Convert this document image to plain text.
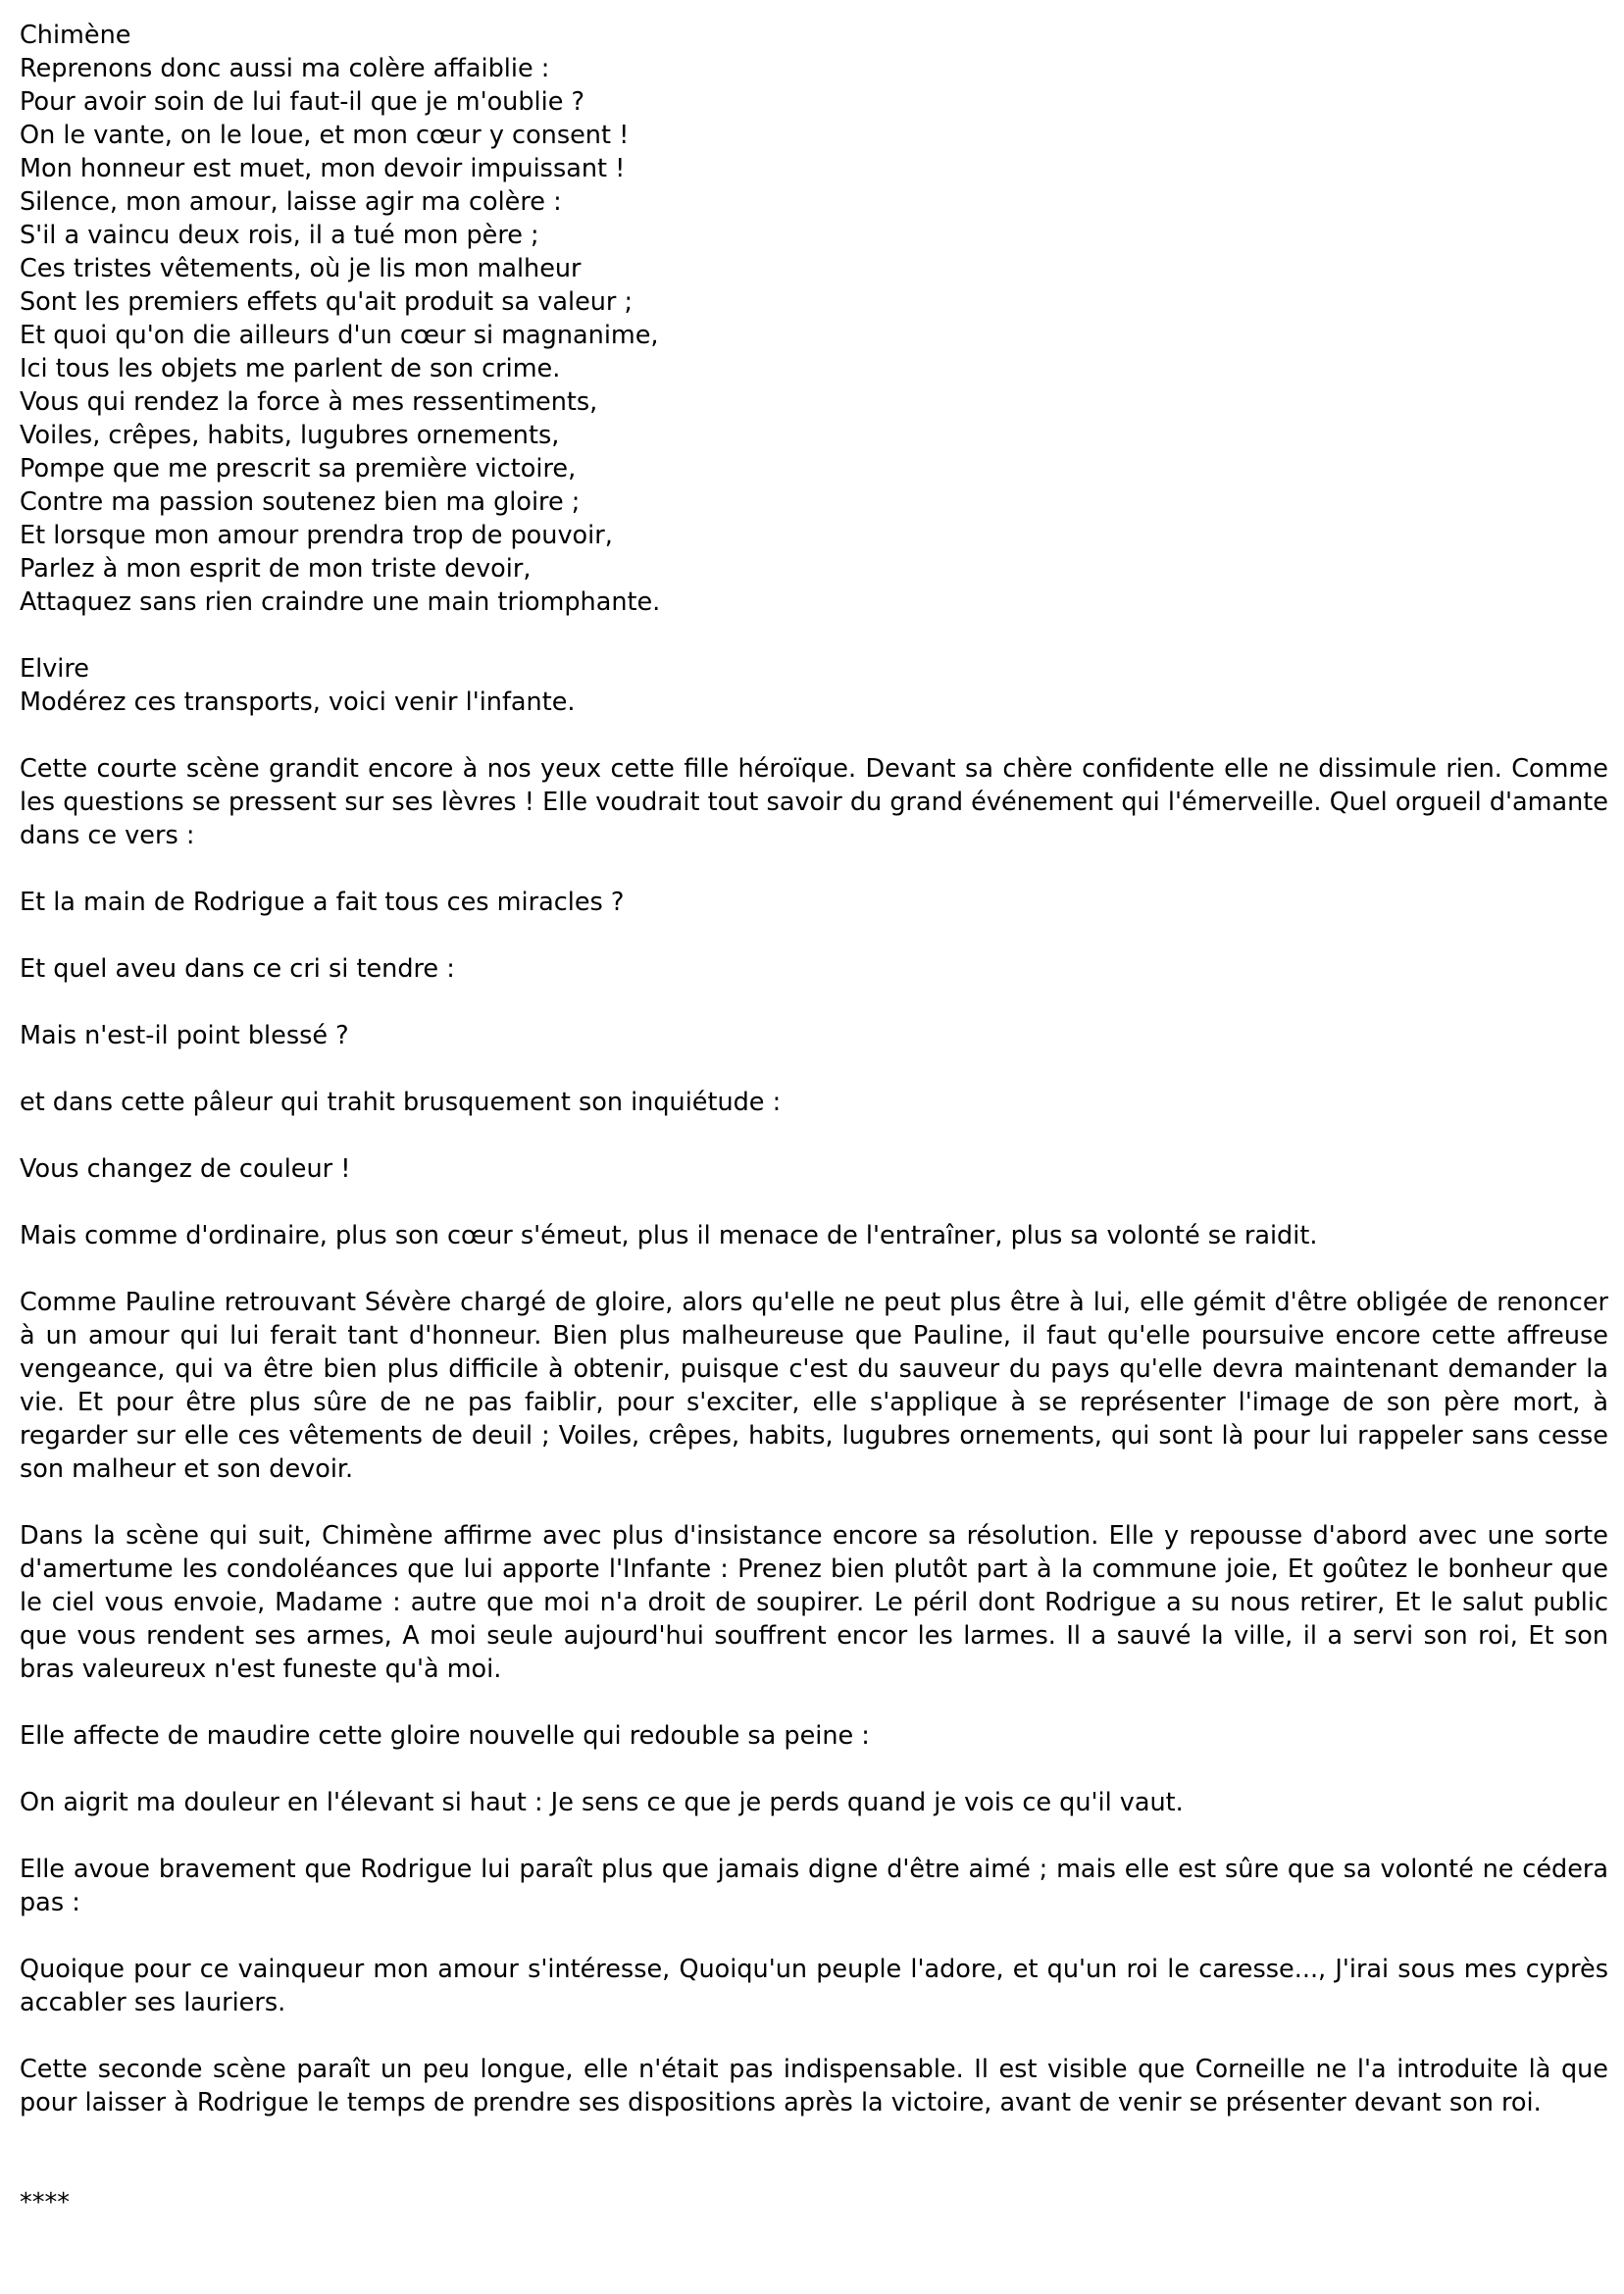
Chimène
Reprenons donc aussi ma colère affaiblie :
Pour avoir soin de lui faut-il que je m'oublie ?
On le vante, on le loue, et mon cœur y consent !
Mon honneur est muet, mon devoir impuissant !
Silence, mon amour, laisse agir ma colère :
S'il a vaincu deux rois, il a tué mon père ;
Ces tristes vêtements, où je lis mon malheur
Sont les premiers effets qu'ait produit sa valeur ;
Et quoi qu'on die ailleurs d'un cœur si magnanime,
Ici tous les objets me parlent de son crime.
Vous qui rendez la force à mes ressentiments,
Voiles, crêpes, habits, lugubres ornements,
Pompe que me prescrit sa première victoire,
Contre ma passion soutenez bien ma gloire ;
Et lorsque mon amour prendra trop de pouvoir,
Parlez à mon esprit de mon triste devoir,
Attaquez sans rien craindre une main triomphante.
Elvire
Modérez ces transports, voici venir l'infante.

Cette courte scène grandit encore à nos yeux cette fille héroïque. Devant sa chère confidente elle ne dissimule rien. Comme les questions se pressent sur ses lèvres ! Elle voudrait tout savoir du grand événement qui l'émerveille. Quel orgueil d'amante dans ce vers :

Et la main de Rodrigue a fait tous ces miracles ?

Et quel aveu dans ce cri si tendre :

Mais n'est-il point blessé ?

et dans cette pâleur qui trahit brusquement son inquiétude :

Vous changez de couleur !

Mais comme d'ordinaire, plus son cœur s'émeut, plus il menace de l'entraîner, plus sa volonté se raidit.

Comme Pauline retrouvant Sévère chargé de gloire, alors qu'elle ne peut plus être à lui, elle gémit d'être obligée de renoncer à un amour qui lui ferait tant d'honneur. Bien plus malheureuse que Pauline, il faut qu'elle poursuive encore cette affreuse vengeance, qui va être bien plus difficile à obtenir, puisque c'est du sauveur du pays qu'elle devra maintenant demander la vie. Et pour être plus sûre de ne pas faiblir, pour s'exciter, elle s'applique à se représenter l'image de son père mort, à regarder sur elle ces vêtements de deuil ; Voiles, crêpes, habits, lugubres ornements, qui sont là pour lui rappeler sans cesse son malheur et son devoir.

Dans la scène qui suit, Chimène affirme avec plus d'insistance encore sa résolution. Elle y repousse d'abord avec une sorte d'amertume les condoléances que lui apporte l'Infante : Prenez bien plutôt part à la commune joie, Et goûtez le bonheur que le ciel vous envoie, Madame : autre que moi n'a droit de soupirer. Le péril dont Rodrigue a su nous retirer, Et le salut public que vous rendent ses armes, A moi seule aujourd'hui souffrent encor les larmes. Il a sauvé la ville, il a servi son roi, Et son bras valeureux n'est funeste qu'à moi.

Elle affecte de maudire cette gloire nouvelle qui redouble sa peine :

On aigrit ma douleur en l'élevant si haut : Je sens ce que je perds quand je vois ce qu'il vaut.

Elle avoue bravement que Rodrigue lui paraît plus que jamais digne d'être aimé ; mais elle est sûre que sa volonté ne cédera pas :

Quoique pour ce vainqueur mon amour s'intéresse, Quoiqu'un peuple l'adore, et qu'un roi le caresse..., J'irai sous mes cyprès accabler ses lauriers.

Cette seconde scène paraît un peu longue, elle n'était pas indispensable. Il est visible que Corneille ne l'a introduite là que pour laisser à Rodrigue le temps de prendre ses dispositions après la victoire, avant de venir se présenter devant son roi.

****
